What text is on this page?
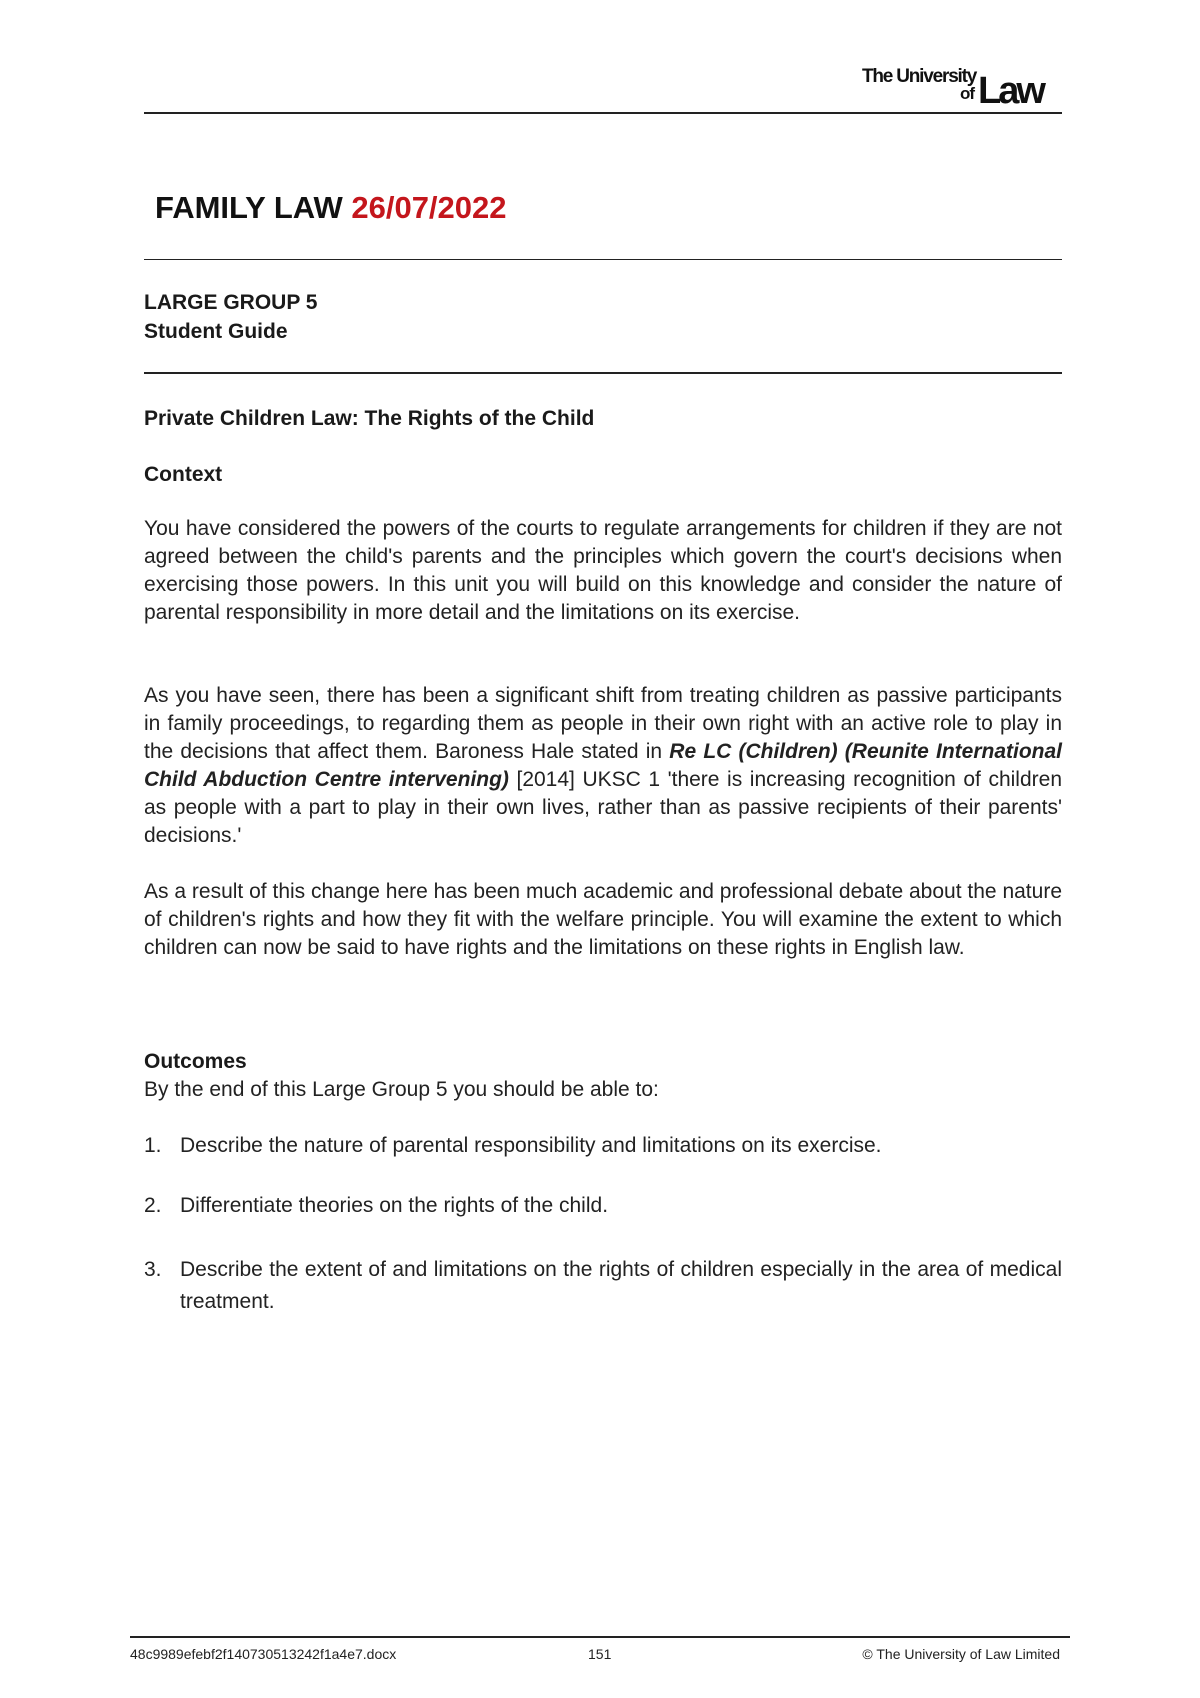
The University
of Law
FAMILY LAW 26/07/2022

LARGE GROUP 5

Student Guide

Private Children Law: The Rights of the Child

Context

You have considered the powers of the courts to regulate arrangements for children if they are not agreed between the child's parents and the principles which govern the court's decisions when exercising those powers. In this unit you will build on this knowledge and consider the nature of parental responsibility in more detail and the limitations on its exercise.

As you have seen, there has been a significant shift from treating children as passive participants in family proceedings, to regarding them as people in their own right with an active role to play in the decisions that affect them. Baroness Hale stated in Re LC (Children) (Reunite International Child Abduction Centre intervening) [2014] UKSC 1 'there is increasing recognition of children as people with a part to play in their own lives, rather than as passive recipients of their parents' decisions.'

As a result of this change here has been much academic and professional debate about the nature of children's rights and how they fit with the welfare principle. You will examine the extent to which children can now be said to have rights and the limitations on these rights in English law.

Outcomes

By the end of this Large Group 5 you should be able to:

1. Describe the nature of parental responsibility and limitations on its exercise.
2. Differentiate theories on the rights of the child.
3. Describe the extent of and limitations on the rights of children especially in the area of medical treatment.
48c9989efebf2f140730513242f1a4e7.docx	151	© The University of Law Limited
